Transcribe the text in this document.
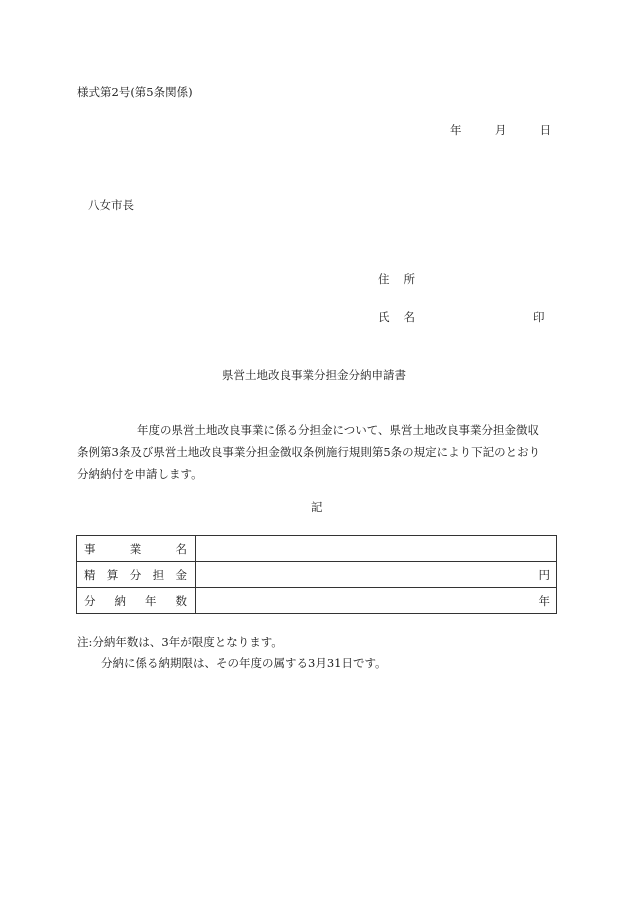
様式第2号(第5条関係)
年	月	日
八女市長
住 所
氏 名	印
県営土地改良事業分担金分納申請書
年度の県営土地改良事業に係る分担金について、県営土地改良事業分担金徴収
条例第3条及び県営土地改良事業分担金徴収条例施行規則第5条の規定により下記のとおり
分納納付を申請します。
記
事 業 名	

精 算 分 担 金	円

分 納 年 数	年
注:分納年数は、3年が限度となります。
分納に係る納期限は、その年度の属する3月31日です。
